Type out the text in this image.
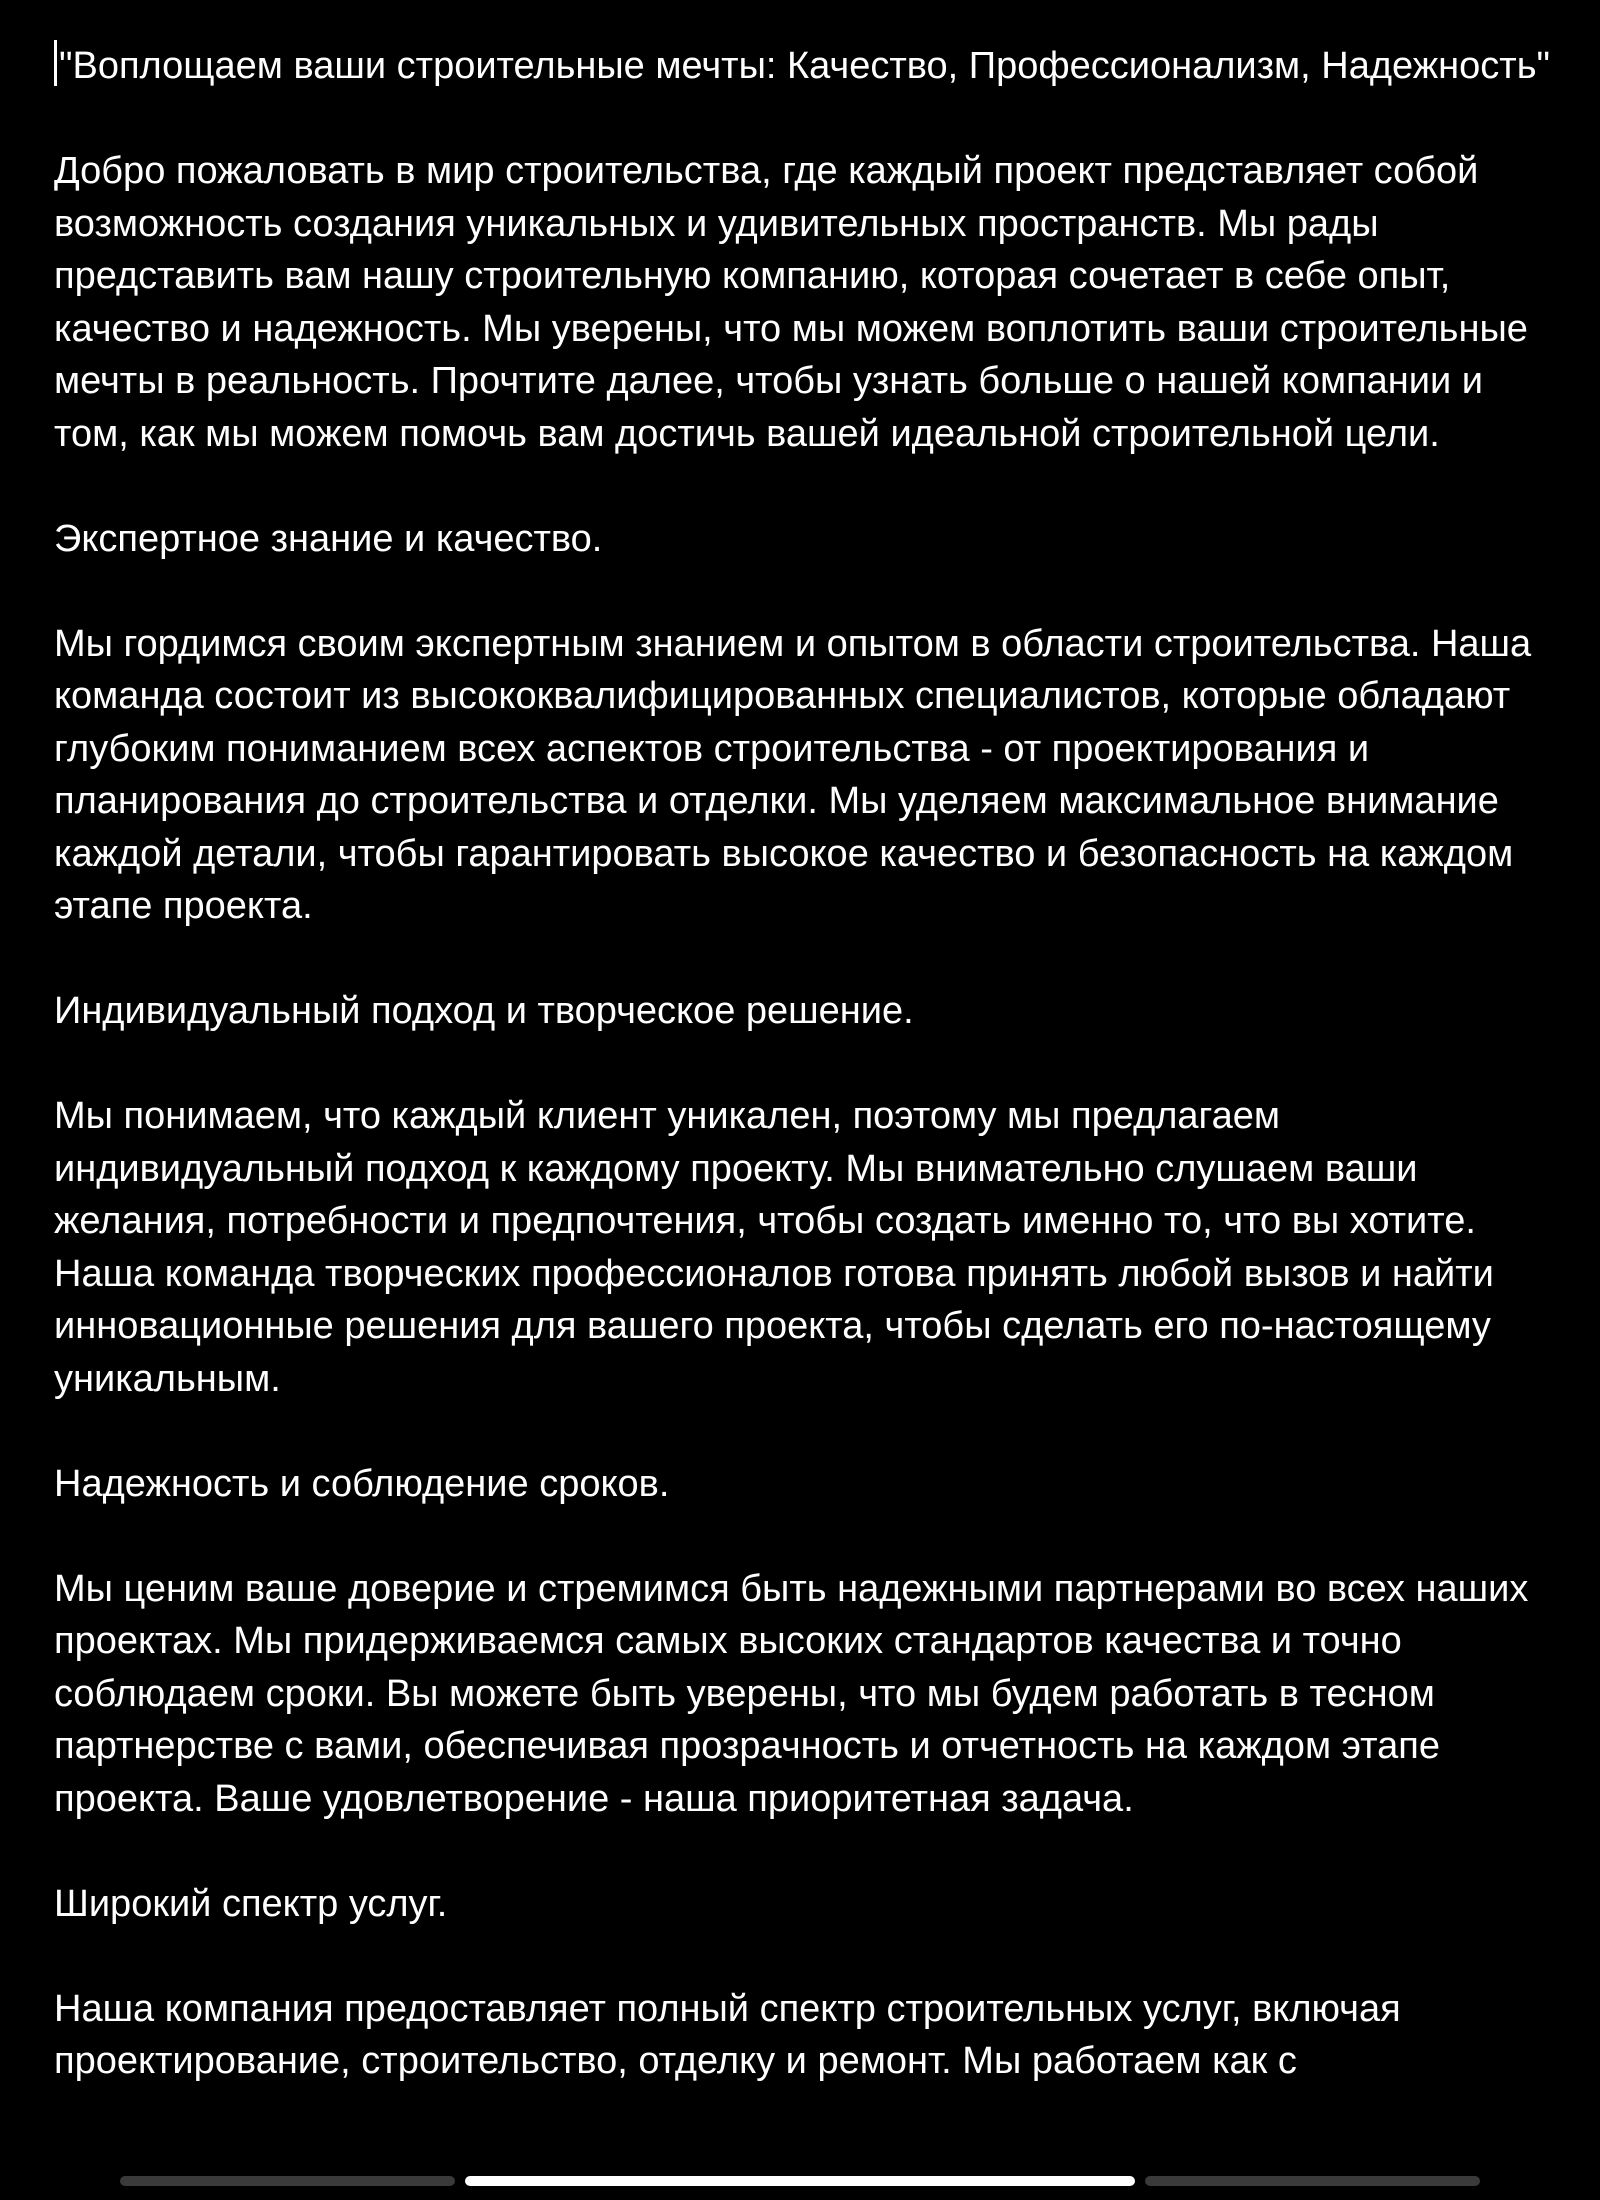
"Воплощаем ваши строительные мечты: Качество, Профессионализм, Надежность"

Добро пожаловать в мир строительства, где каждый проект представляет собой возможность создания уникальных и удивительных пространств. Мы рады представить вам нашу строительную компанию, которая сочетает в себе опыт, качество и надежность. Мы уверены, что мы можем воплотить ваши строительные мечты в реальность. Прочтите далее, чтобы узнать больше о нашей компании и том, как мы можем помочь вам достичь вашей идеальной строительной цели.

Экспертное знание и качество.

Мы гордимся своим экспертным знанием и опытом в области строительства. Наша команда состоит из высококвалифицированных специалистов, которые обладают глубоким пониманием всех аспектов строительства - от проектирования и планирования до строительства и отделки. Мы уделяем максимальное внимание каждой детали, чтобы гарантировать высокое качество и безопасность на каждом этапе проекта.

Индивидуальный подход и творческое решение.

Мы понимаем, что каждый клиент уникален, поэтому мы предлагаем индивидуальный подход к каждому проекту. Мы внимательно слушаем ваши желания, потребности и предпочтения, чтобы создать именно то, что вы хотите. Наша команда творческих профессионалов готова принять любой вызов и найти инновационные решения для вашего проекта, чтобы сделать его по-настоящему уникальным.

Надежность и соблюдение сроков.

Мы ценим ваше доверие и стремимся быть надежными партнерами во всех наших проектах. Мы придерживаемся самых высоких стандартов качества и точно соблюдаем сроки. Вы можете быть уверены, что мы будем работать в тесном партнерстве с вами, обеспечивая прозрачность и отчетность на каждом этапе проекта. Ваше удовлетворение - наша приоритетная задача.

Широкий спектр услуг.

Наша компания предоставляет полный спектр строительных услуг, включая проектирование, строительство, отделку и ремонт. Мы работаем как с
